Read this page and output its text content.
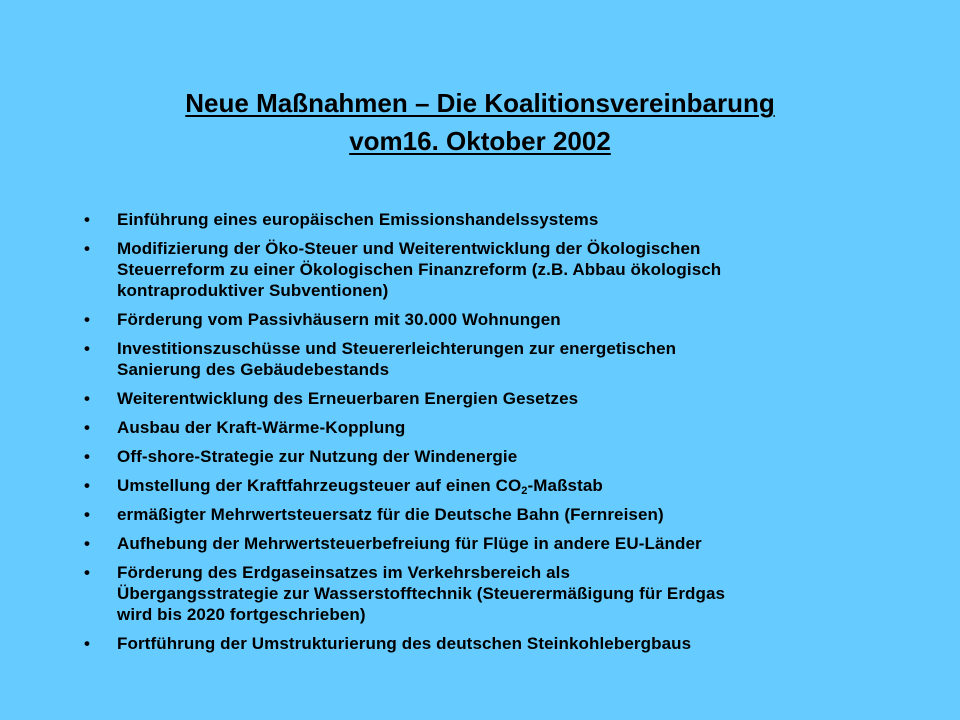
Neue Maßnahmen – Die Koalitionsvereinbarung
vom16. Oktober 2002
•	Einführung eines europäischen Emissionshandelssystems
•	Modifizierung der Öko-Steuer und Weiterentwicklung der Ökologischen
Steuerreform zu einer Ökologischen Finanzreform (z.B. Abbau ökologisch
kontraproduktiver Subventionen)
•	Förderung vom Passivhäusern mit 30.000 Wohnungen
•	Investitionszuschüsse und Steuererleichterungen zur energetischen
Sanierung des Gebäudebestands
•	Weiterentwicklung des Erneuerbaren Energien Gesetzes
•	Ausbau der Kraft-Wärme-Kopplung
•	Off-shore-Strategie zur Nutzung der Windenergie
•	Umstellung der Kraftfahrzeugsteuer auf einen $CO_2$-Maßstab
•	ermäßigter Mehrwertsteuersatz für die Deutsche Bahn (Fernreisen)
•	Aufhebung der Mehrwertsteuerbefreiung für Flüge in andere EU-Länder
•	Förderung des Erdgaseinsatzes im Verkehrsbereich als
Übergangsstrategie zur Wasserstofftechnik (Steuerermäßigung für Erdgas
wird bis 2020 fortgeschrieben)
•	Fortführung der Umstrukturierung des deutschen Steinkohlebergbaus
